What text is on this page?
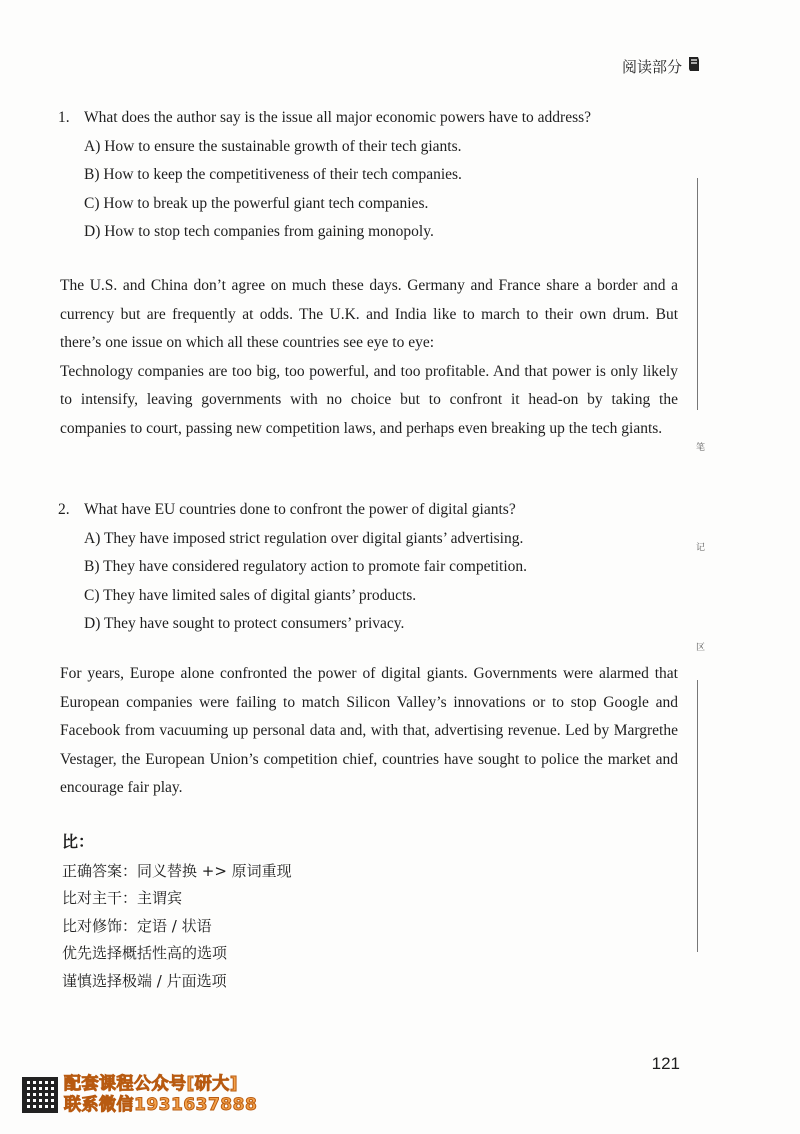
阅读部分
1. What does the author say is the issue all major economic powers have to address?
A) How to ensure the sustainable growth of their tech giants.
B) How to keep the competitiveness of their tech companies.
C) How to break up the powerful giant tech companies.
D) How to stop tech companies from gaining monopoly.
The U.S. and China don’t agree on much these days. Germany and France share a border and a currency but are frequently at odds. The U.K. and India like to march to their own drum. But there’s one issue on which all these countries see eye to eye:
Technology companies are too big, too powerful, and too profitable. And that power is only likely to intensify, leaving governments with no choice but to confront it head-on by taking the companies to court, passing new competition laws, and perhaps even breaking up the tech giants.
2. What have EU countries done to confront the power of digital giants?
A) They have imposed strict regulation over digital giants’ advertising.
B) They have considered regulatory action to promote fair competition.
C) They have limited sales of digital giants’ products.
D) They have sought to protect consumers’ privacy.
For years, Europe alone confronted the power of digital giants. Governments were alarmed that European companies were failing to match Silicon Valley’s innovations or to stop Google and Facebook from vacuuming up personal data and, with that, advertising revenue. Led by Margrethe Vestager, the European Union’s competition chief, countries have sought to police the market and encourage fair play.
比：
正确答案：同义替换 +> 原词重现
比对主干：主谓宾
比对修饰：定语 / 状语
优先选择概括性高的选项
谨慎选择极端 / 片面选项
笔
记
区
121
配套课程公众号[研大]
联系微信1931637888
